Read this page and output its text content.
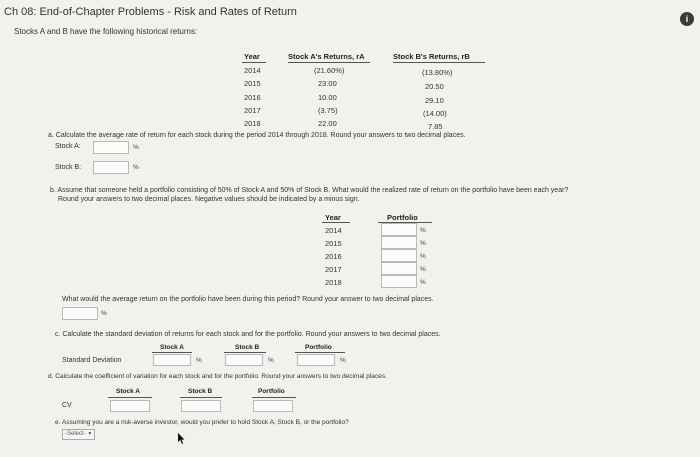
Ch 08: End-of-Chapter Problems - Risk and Rates of Return
i
Stocks A and B have the following historical returns:
Year	Stock A's Returns, rA	Stock B's Returns, rB
2014	(21.60%)	(13.80%)
2015	23.00	20.50
2016	10.00	29.10
2017	(3.75)	(14.00)
2018	22.00	7.85
a. Calculate the average rate of return for each stock during the period 2014 through 2018. Round your answers to two decimal places.
Stock A:	%
Stock B:	%
b. Assume that someone held a portfolio consisting of 50% of Stock A and 50% of Stock B. What would the realized rate of return on the portfolio have been each year?
Round your answers to two decimal places. Negative values should be indicated by a minus sign.
Year	Portfolio
2014	%
2015	%
2016	%
2017	%
2018	%
What would the average return on the portfolio have been during this period? Round your answer to two decimal places.
%
c. Calculate the standard deviation of returns for each stock and for the portfolio. Round your answers to two decimal places.
Stock A	Stock B	Portfolio
Standard Deviation	%	%	%
d. Calculate the coefficient of variation for each stock and for the portfolio. Round your answers to two decimal places.
Stock A	Stock B	Portfolio
CV
e. Assuming you are a risk-averse investor, would you prefer to hold Stock A, Stock B, or the portfolio?
-Select- ▼
